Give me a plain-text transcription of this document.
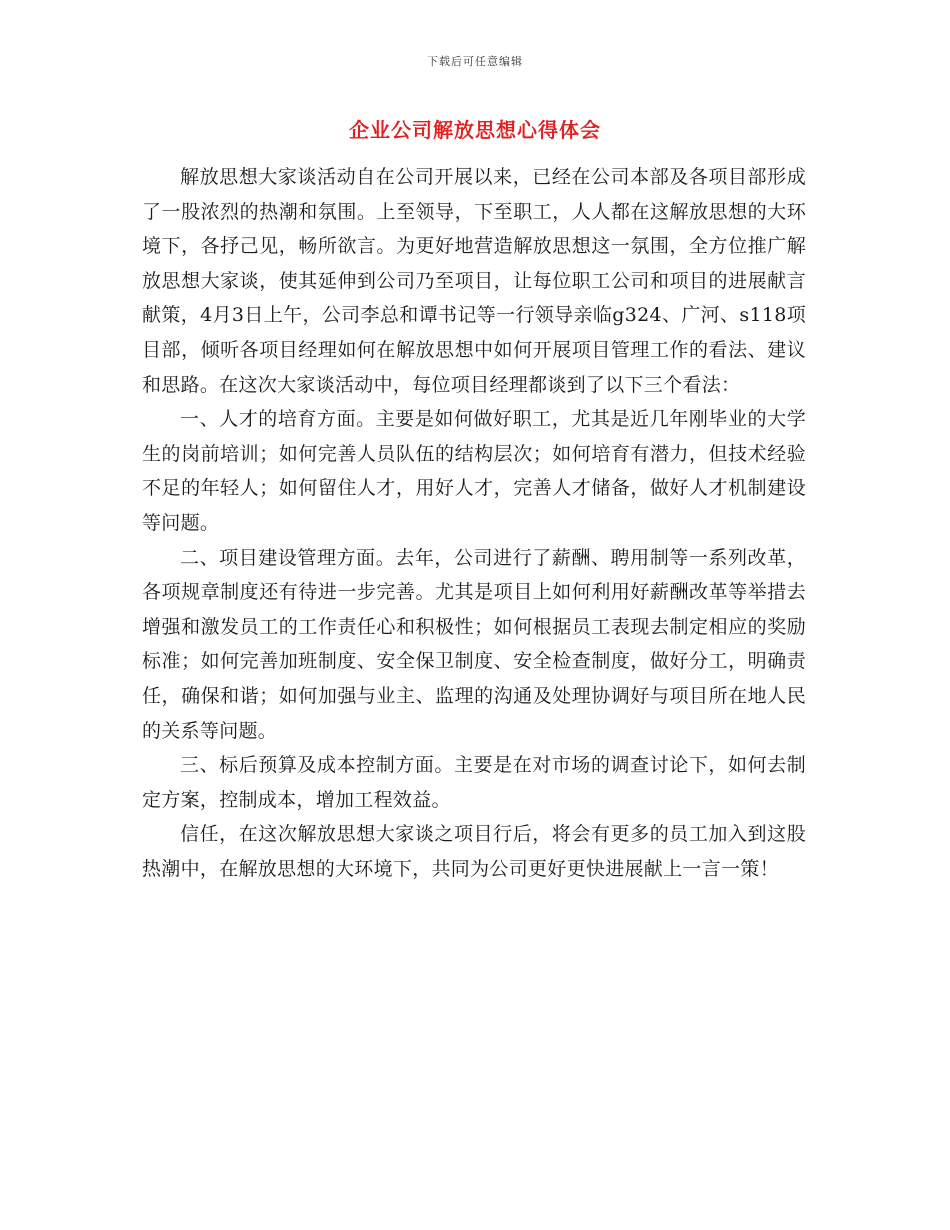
下载后可任意编辑
企业公司解放思想心得体会

解放思想大家谈活动自在公司开展以来，已经在公司本部及各项目部形成了一股浓烈的热潮和氛围。上至领导，下至职工，人人都在这解放思想的大环境下，各抒己见，畅所欲言。为更好地营造解放思想这一氛围，全方位推广解放思想大家谈，使其延伸到公司乃至项目，让每位职工公司和项目的进展献言献策，4月3日上午，公司李总和谭书记等一行领导亲临g324、广河、s118项目部，倾听各项目经理如何在解放思想中如何开展项目管理工作的看法、建议和思路。在这次大家谈活动中，每位项目经理都谈到了以下三个看法：

一、人才的培育方面。主要是如何做好职工，尤其是近几年刚毕业的大学生的岗前培训；如何完善人员队伍的结构层次；如何培育有潜力，但技术经验不足的年轻人；如何留住人才，用好人才，完善人才储备，做好人才机制建设等问题。

二、项目建设管理方面。去年，公司进行了薪酬、聘用制等一系列改革，各项规章制度还有待进一步完善。尤其是项目上如何利用好薪酬改革等举措去增强和激发员工的工作责任心和积极性；如何根据员工表现去制定相应的奖励标准；如何完善加班制度、安全保卫制度、安全检查制度，做好分工，明确责任，确保和谐；如何加强与业主、监理的沟通及处理协调好与项目所在地人民的关系等问题。

三、标后预算及成本控制方面。主要是在对市场的调查讨论下，如何去制定方案，控制成本，增加工程效益。

信任，在这次解放思想大家谈之项目行后，将会有更多的员工加入到这股热潮中，在解放思想的大环境下，共同为公司更好更快进展献上一言一策！
